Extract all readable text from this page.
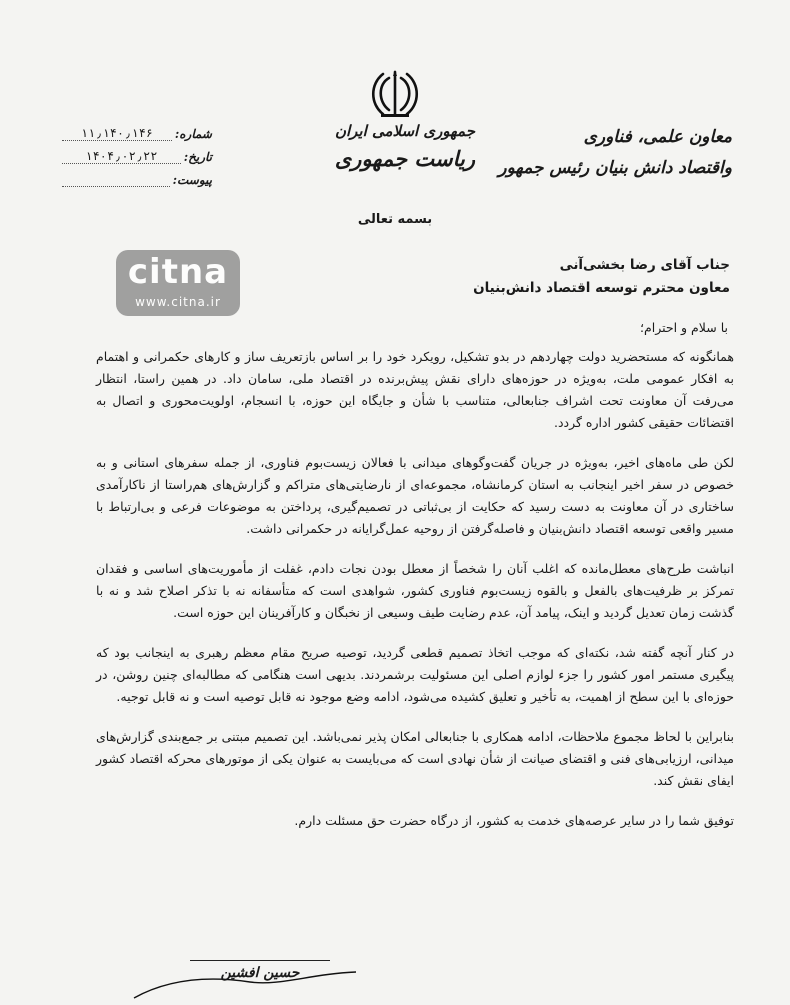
معاون علمی، فناوری
واقتصاد دانش بنیان رئیس جمهور
جمهوری اسلامی ایران
ریاست جمهوری
شماره:
۱۱٫۱۴۰٫۱۴۶
تاریخ:
۱۴۰۴٫۰۲٫۲۲
پیوست:
بسمه تعالی
citna
www.citna.ir
جناب آقای رضا بخشی‌آنی
معاون محترم توسعه اقتصاد دانش‌بنیان
با سلام و احترام؛

همانگونه که مستحضرید دولت چهاردهم در بدو تشکیل، رویکرد خود را بر اساس بازتعریف ساز و کارهای حکمرانی و اهتمام به افکار عمومی ملت، به‌ویژه در حوزه‌های دارای نقش پیش‌برنده در اقتصاد ملی، سامان داد. در همین راستا، انتظار می‌رفت آن معاونت تحت اشراف جنابعالی، متناسب با شأن و جایگاه این حوزه، با انسجام، اولویت‌محوری و اتصال به اقتضائات حقیقی کشور اداره گردد.

لکن طی ماه‌های اخیر، به‌ویژه در جریان گفت‌وگوهای میدانی با فعالان زیست‌بوم فناوری، از جمله سفرهای استانی و به خصوص در سفر اخیر اینجانب به استان کرمانشاه، مجموعه‌ای از نارضایتی‌های متراکم و گزارش‌های هم‌راستا از ناکارآمدی ساختاری در آن معاونت به دست رسید که حکایت از بی‌ثباتی در تصمیم‌گیری، پرداختن به موضوعات فرعی و بی‌ارتباط با مسیر واقعی توسعه اقتصاد دانش‌بنیان و فاصله‌گرفتن از روحیه عمل‌گرایانه در حکمرانی داشت.

انباشت طرح‌های معطل‌مانده که اغلب آنان را شخصاً از معطل بودن نجات دادم، غفلت از مأموریت‌های اساسی و فقدان تمرکز بر ظرفیت‌های بالفعل و بالقوه زیست‌بوم فناوری کشور، شواهدی است که متأسفانه نه با تذکر اصلاح شد و نه با گذشت زمان تعدیل گردید و اینک، پیامد آن، عدم رضایت طیف وسیعی از نخبگان و کارآفرینان این حوزه است.

در کنار آنچه گفته شد، نکته‌ای که موجب اتخاذ تصمیم قطعی گردید، توصیه صریح مقام معظم رهبری به اینجانب بود که پیگیری مستمر امور کشور را جزء لوازم اصلی این مسئولیت برشمردند. بدیهی است هنگامی که مطالبه‌ای چنین روشن، در حوزه‌ای با این سطح از اهمیت، به تأخیر و تعلیق کشیده می‌شود، ادامه وضع موجود نه قابل توصیه است و نه قابل توجیه.

بنابراین با لحاظ مجموع ملاحظات، ادامه همکاری با جنابعالی امکان پذیر نمی‌باشد. این تصمیم مبتنی بر جمع‌بندی گزارش‌های میدانی، ارزیابی‌های فنی و اقتضای صیانت از شأن نهادی است که می‌بایست به عنوان یکی از موتورهای محرکه اقتصاد کشور ایفای نقش کند.

توفیق شما را در سایر عرصه‌های خدمت به کشور، از درگاه حضرت حق مسئلت دارم.

حسین افشین
